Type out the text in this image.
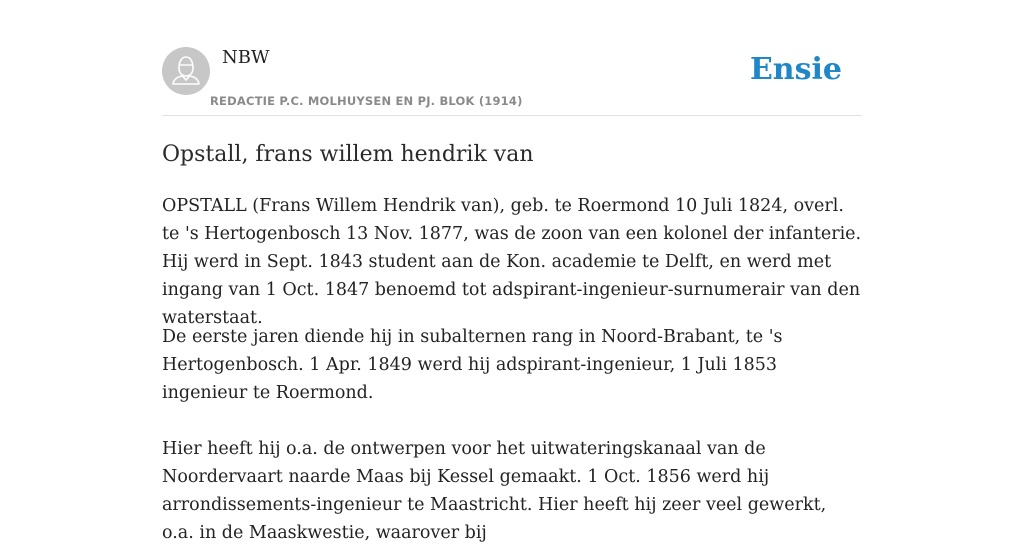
NBW
REDACTIE P.C. MOLHUYSEN EN PJ. BLOK (1914)
Ensie
Opstall, frans willem hendrik van

OPSTALL (Frans Willem Hendrik van), geb. te Roermond 10 Juli 1824, overl. te 's Hertogenbosch 13 Nov. 1877, was de zoon van een kolonel der infanterie. Hij werd in Sept. 1843 student aan de Kon. academie te Delft, en werd met ingang van 1 Oct. 1847 benoemd tot adspirant-ingenieur-surnumerair van den waterstaat.

De eerste jaren diende hij in subalternen rang in Noord-Brabant, te 's Hertogenbosch. 1 Apr. 1849 werd hij adspirant-ingenieur, 1 Juli 1853 ingenieur te Roermond.

Hier heeft hij o.a. de ontwerpen voor het uitwateringskanaal van de Noordervaart naarde Maas bij Kessel gemaakt. 1 Oct. 1856 werd hij arrondissements-ingenieur te Maastricht. Hier heeft hij zeer veel gewerkt, o.a. in de Maaskwestie, waarover bij
